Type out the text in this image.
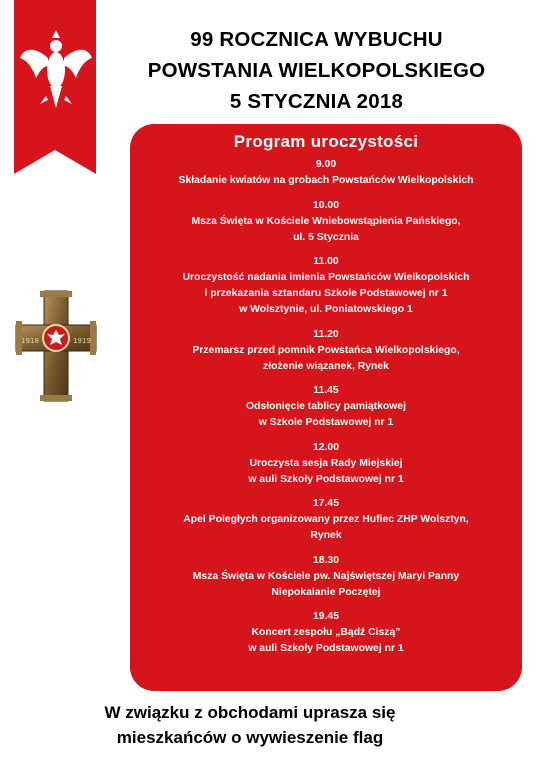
99 ROCZNICA WYBUCHU
POWSTANIA WIELKOPOLSKIEGO
5 STYCZNIA 2018
1918	1919
Program uroczystości
9.00
Składanie kwiatów na grobach Powstańców Wielkopolskich
10.00
Msza Święta w Kościele Wniebowstąpienia Pańskiego,
ul. 5 Stycznia
11.00
Uroczystość nadania imienia Powstańców Wielkopolskich
i przekazania sztandaru Szkole Podstawowej nr 1
w Wolsztynie, ul. Poniatowskiego 1
11.20
Przemarsz przed pomnik Powstańca Wielkopolskiego,
złożenie wiązanek, Rynek
11.45
Odsłonięcie tablicy pamiątkowej
w Szkole Podstawowej nr 1
12.00
Uroczysta sesja Rady Miejskiej
w auli Szkoły Podstawowej nr 1
17.45
Apel Poległych organizowany przez Hufiec ZHP Wolsztyn,
Rynek
18.30
Msza Święta w Kościele pw. Najświętszej Maryi Panny
Niepokalanie Poczętej
19.45
Koncert zespołu „Bądź Ciszą”
w auli Szkoły Podstawowej nr 1
W związku z obchodami uprasza się
mieszkańców o wywieszenie flag
